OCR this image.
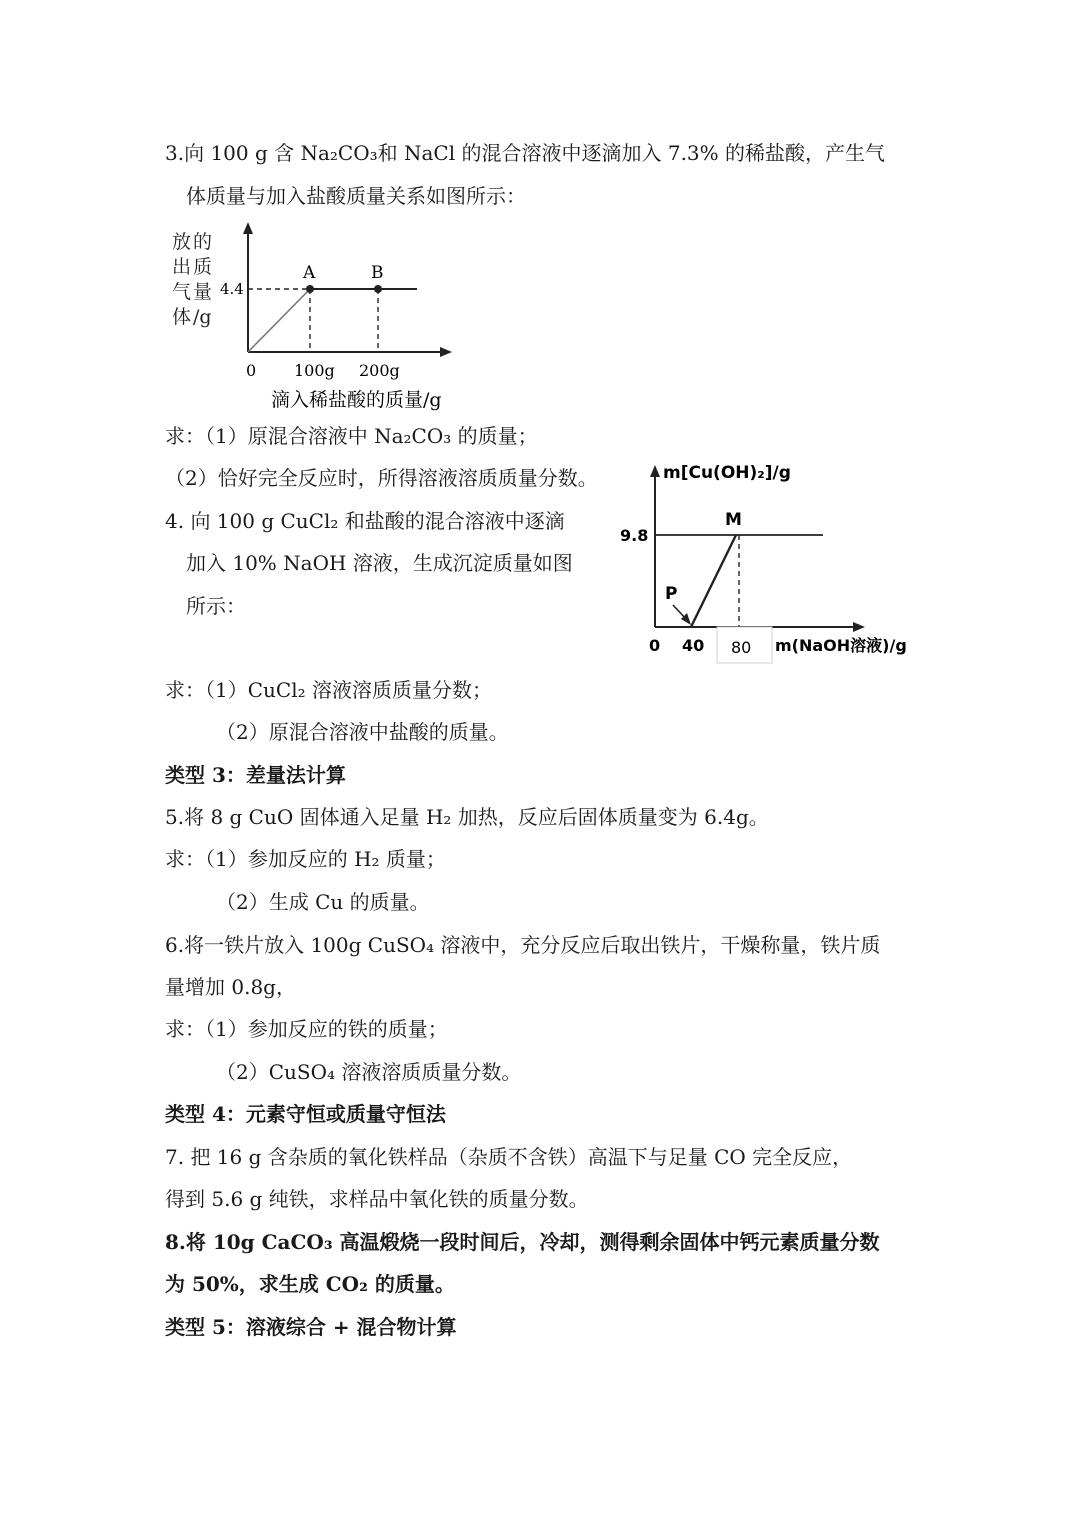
3.向 100 g 含 Na₂CO₃和 NaCl 的混合溶液中逐滴加入 7.3% 的稀盐酸，产生气
体质量与加入盐酸质量关系如图所示：
放
出
气
体
的
质
量
/g
A	B
4.4
0 100g 200g
滴入稀盐酸的质量/g
求：（1）原混合溶液中 Na₂CO₃ 的质量；
（2）恰好完全反应时，所得溶液溶质质量分数。
4. 向 100 g CuCl₂ 和盐酸的混合溶液中逐滴
加入 10% NaOH 溶液，生成沉淀质量如图
所示：
m[Cu(OH)₂]/g
9.8
M
P
0 40 80 m(NaOH溶液)/g
求：（1）CuCl₂ 溶液溶质质量分数；
（2）原混合溶液中盐酸的质量。
类型 3：差量法计算
5.将 8 g CuO 固体通入足量 H₂ 加热，反应后固体质量变为 6.4g。
求：（1）参加反应的 H₂ 质量；
（2）生成 Cu 的质量。
6.将一铁片放入 100g CuSO₄ 溶液中，充分反应后取出铁片，干燥称量，铁片质
量增加 0.8g，
求：（1）参加反应的铁的质量；
（2）CuSO₄ 溶液溶质质量分数。
类型 4：元素守恒或质量守恒法
7. 把 16 g 含杂质的氧化铁样品（杂质不含铁）高温下与足量 CO 完全反应，
得到 5.6 g 纯铁，求样品中氧化铁的质量分数。
8.将 10g CaCO₃ 高温煅烧一段时间后，冷却，测得剩余固体中钙元素质量分数
为 50%，求生成 CO₂ 的质量。
类型 5：溶液综合 + 混合物计算
